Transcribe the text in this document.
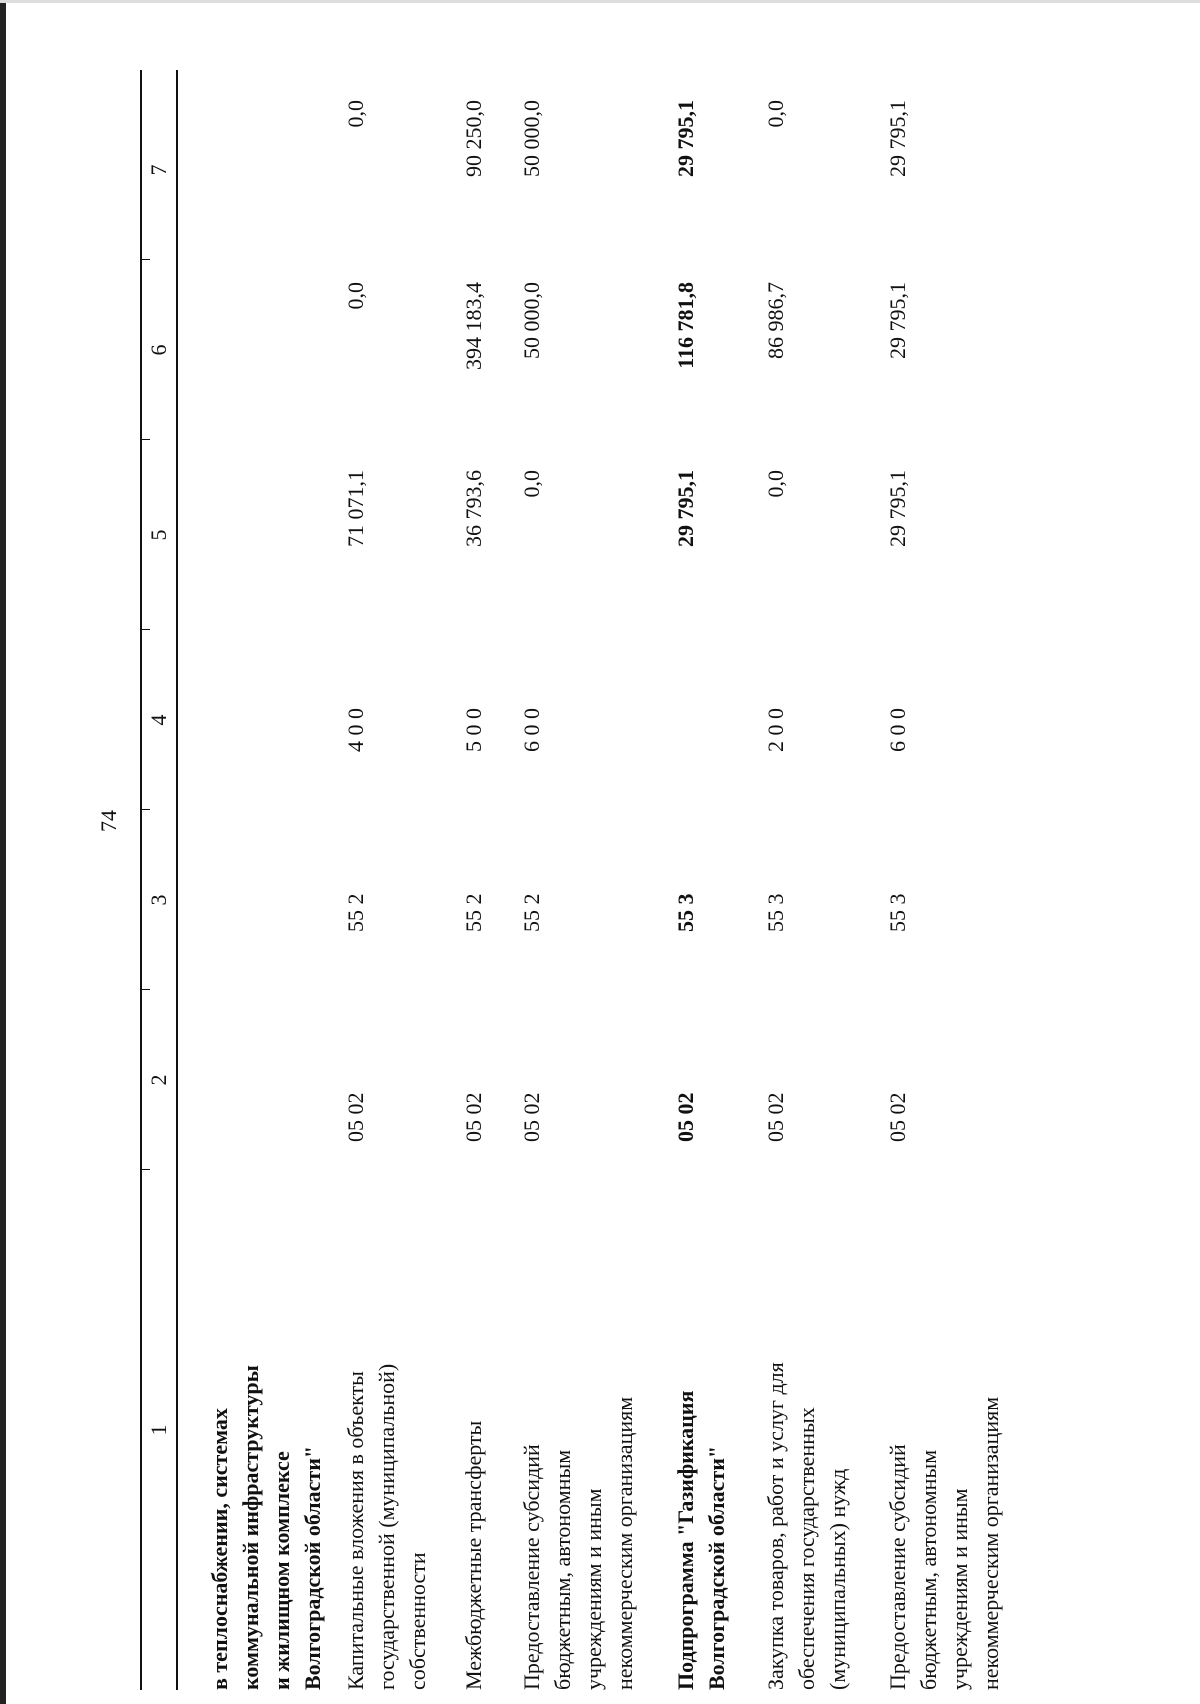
74
1
2
3
4
5
6
7
в теплоснабжении, системах коммунальной инфраструктуры и жилищном комплексе Волгоградской области" Капитальные вложения в объекты государственной (муниципальной) собственности
05 02
55 2
4 0 0
71 071,1
0,0
0,0
Межбюджетные трансферты
05 02
55 2
5 0 0
36 793,6
394 183,4
90 250,0
Предоставление субсидий бюджетным, автономным учреждениям и иным некоммерческим организациям
05 02
55 2
6 0 0
0,0
50 000,0
50 000,0
Подпрограмма "Газификация Волгоградской области"
05 02
55 3
29 795,1
116 781,8
29 795,1
Закупка товаров, работ и услуг для обеспечения государственных (муниципальных) нужд
05 02
55 3
2 0 0
0,0
86 986,7
0,0
Предоставление субсидий бюджетным, автономным учреждениям и иным некоммерческим организациям
05 02
55 3
6 0 0
29 795,1
29 795,1
29 795,1
